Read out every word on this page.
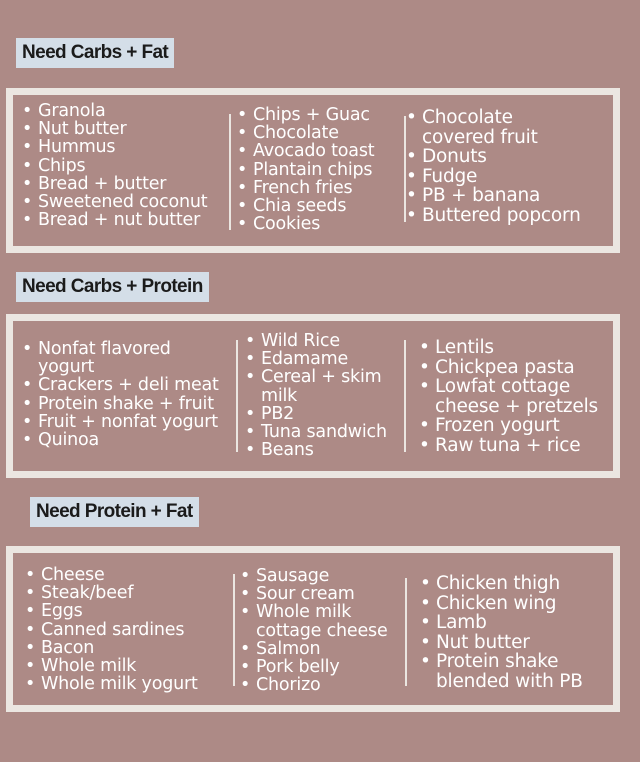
Need Carbs + Fat
• Granola
• Nut butter
• Hummus
• Chips
• Bread + butter
• Sweetened coconut
• Bread + nut butter
• Chips + Guac
• Chocolate
• Avocado toast
• Plantain chips
• French fries
• Chia seeds
• Cookies
• Chocolate covered fruit
• Donuts
• Fudge
• PB + banana
• Buttered popcorn
Need Carbs + Protein
• Nonfat flavored yogurt
• Crackers + deli meat
• Protein shake + fruit
• Fruit + nonfat yogurt
• Quinoa
• Wild Rice
• Edamame
• Cereal + skim milk
• PB2
• Tuna sandwich
• Beans
• Lentils
• Chickpea pasta
• Lowfat cottage cheese + pretzels
• Frozen yogurt
• Raw tuna + rice
Need Protein + Fat
• Cheese
• Steak/beef
• Eggs
• Canned sardines
• Bacon
• Whole milk
• Whole milk yogurt
• Sausage
• Sour cream
• Whole milk cottage cheese
• Salmon
• Pork belly
• Chorizo
• Chicken thigh
• Chicken wing
• Lamb
• Nut butter
• Protein shake blended with PB
